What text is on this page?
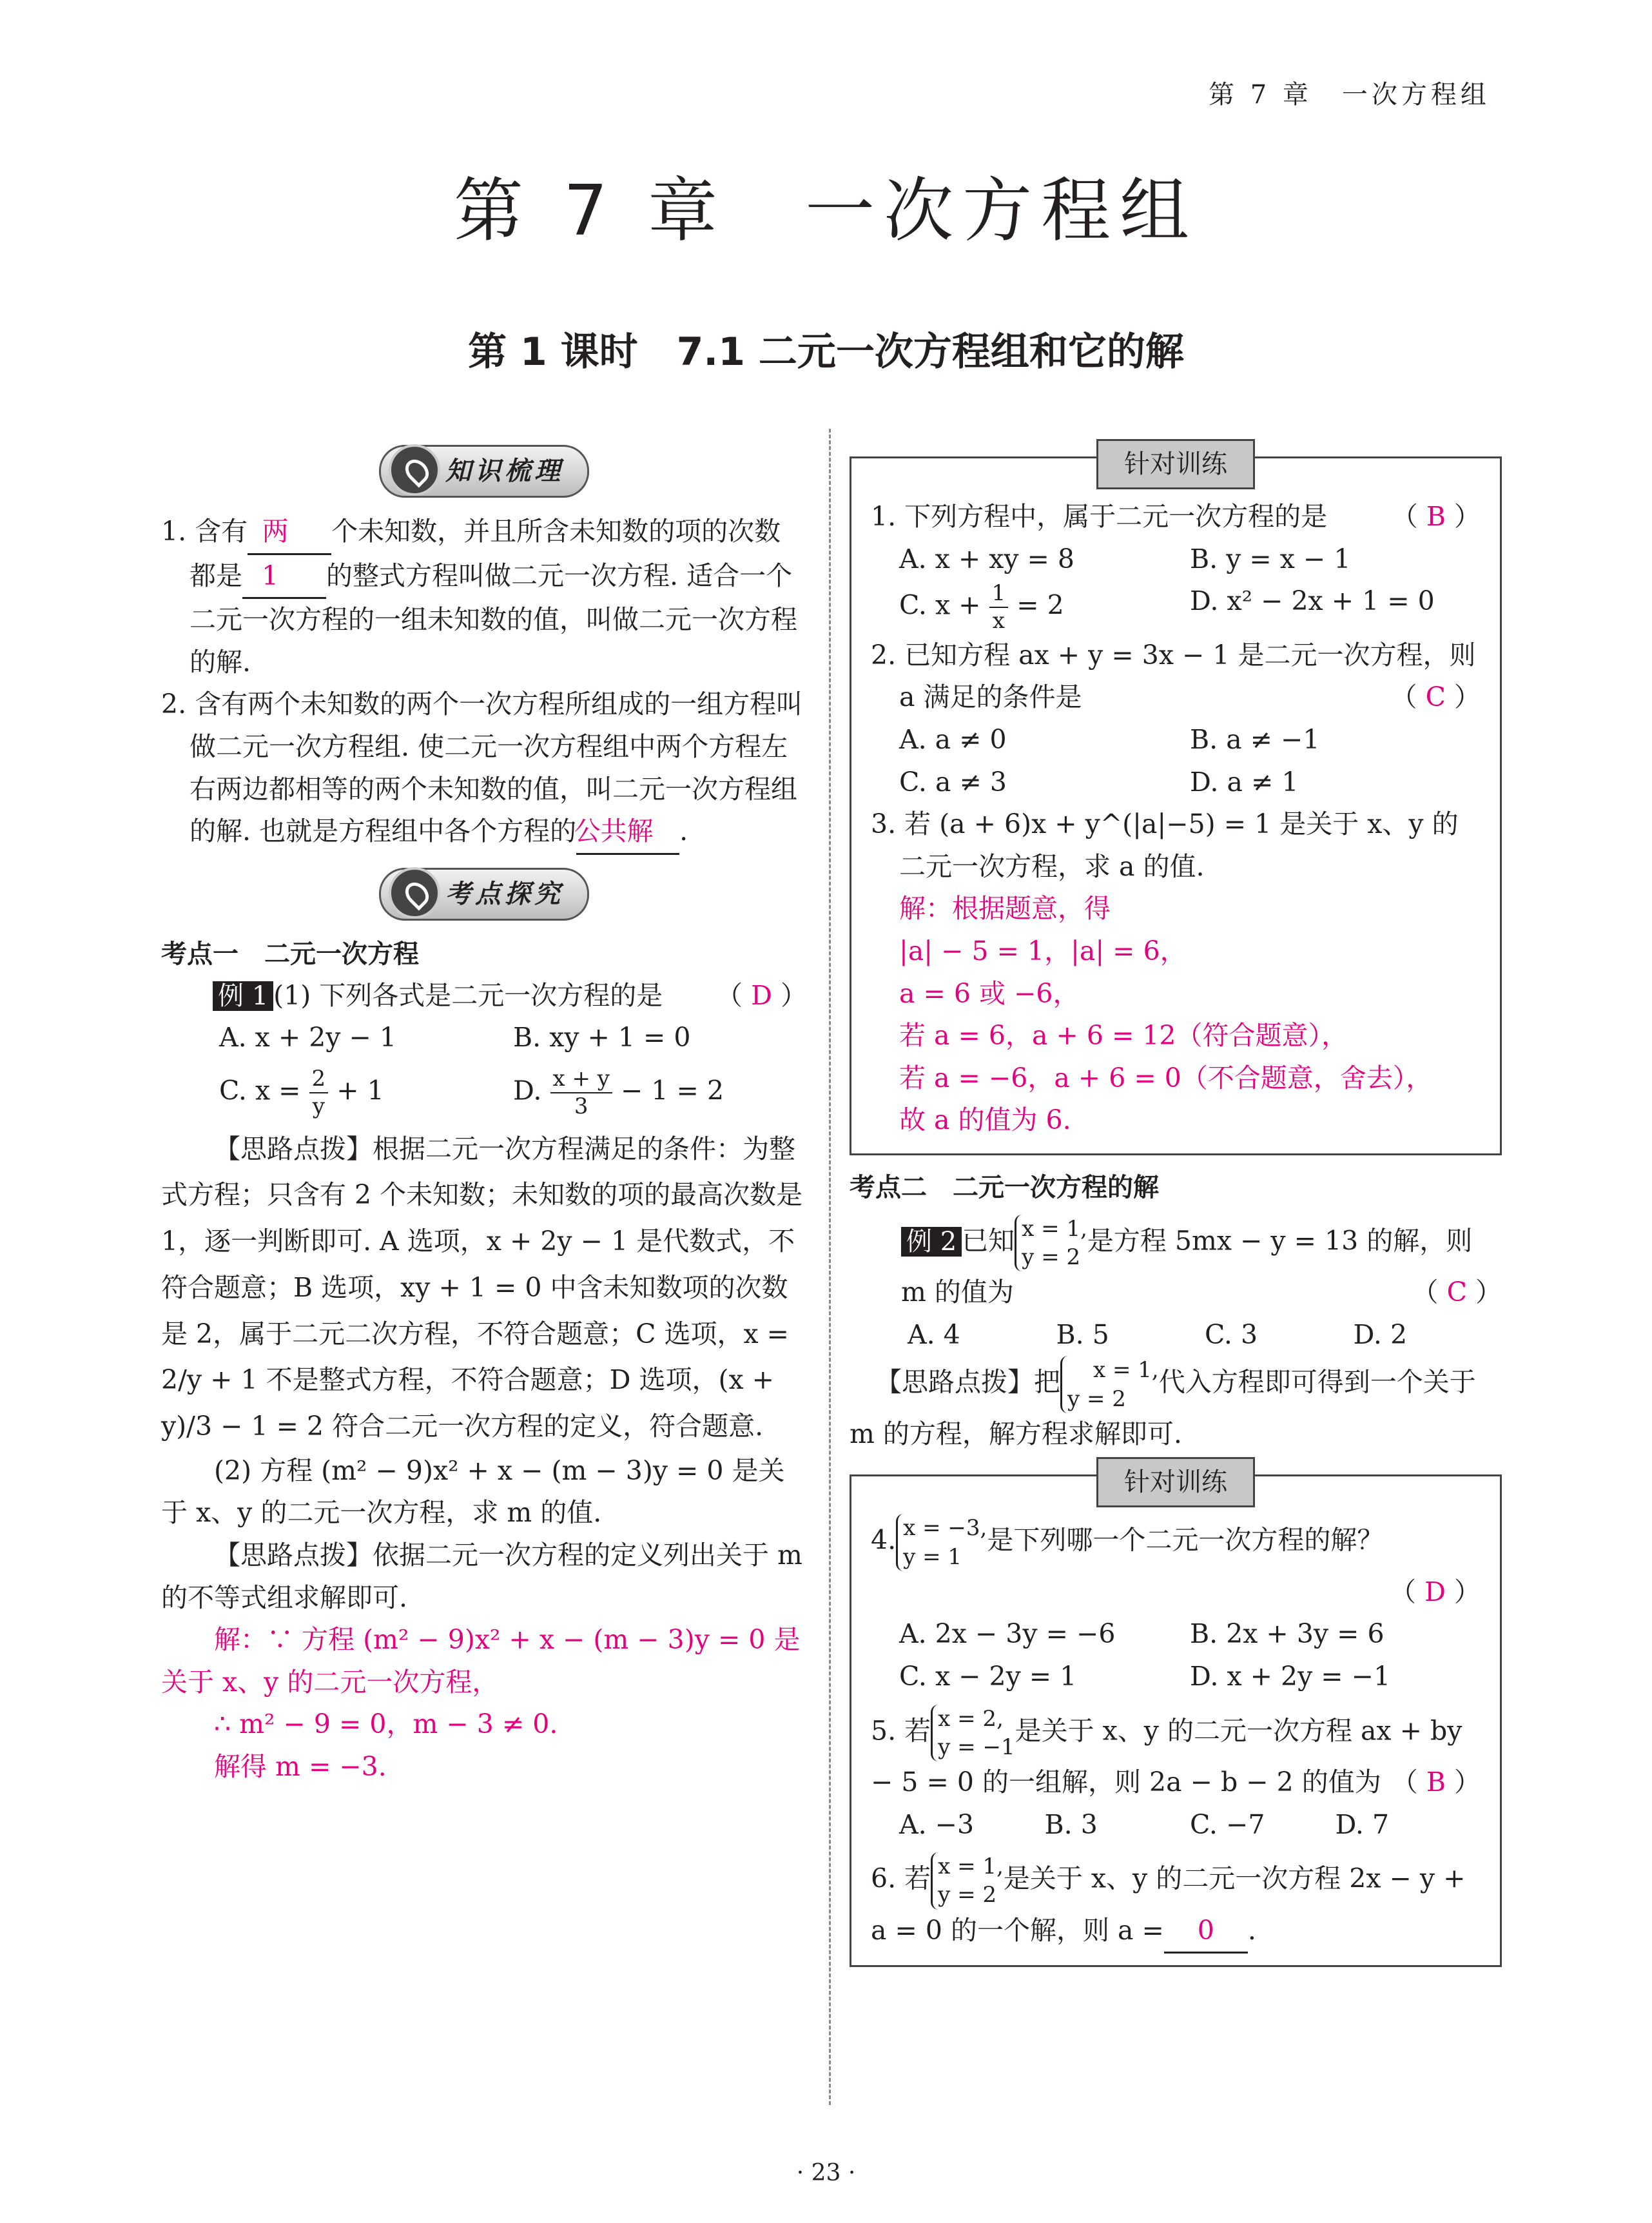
第 7 章　一次方程组
第 7 章　一次方程组
第 1 课时　7.1 二元一次方程组和它的解
知识梳理

1. 含有 两 个未知数，并且所含未知数的项的次数都是 1 的整式方程叫做二元一次方程. 适合一个二元一次方程的一组未知数的值，叫做二元一次方程的解.

2. 含有两个未知数的两个一次方程所组成的一组方程叫做二元一次方程组. 使二元一次方程组中两个方程左右两边都相等的两个未知数的值，叫二元一次方程组的解. 也就是方程组中各个方程的公共解 .

考点探究
考点一　二元一次方程

例 1 (1) 下列各式是二元一次方程的是 （ D ）

A. x + 2y − 1	B. xy + 1 = 0
C. $x = \frac{2}{y} + 1$	D. $\frac{x + y}{3} - 1 = 2$

【思路点拨】根据二元一次方程满足的条件：为整式方程；只含有 2 个未知数；未知数的项的最高次数是 1，逐一判断即可. A 选项，x + 2y − 1 是代数式，不符合题意；B 选项，xy + 1 = 0 中含未知数项的次数是 2，属于二元二次方程，不符合题意；C 选项，x = 2/y + 1 不是整式方程，不符合题意；D 选项，(x + y)/3 − 1 = 2 符合二元一次方程的定义，符合题意.

(2) 方程 (m² − 9)x² + x − (m − 3)y = 0 是关于 x、y 的二元一次方程，求 m 的值.

【思路点拨】依据二元一次方程的定义列出关于 m 的不等式组求解即可.

解：∵ 方程 (m² − 9)x² + x − (m − 3)y = 0 是关于 x、y 的二元一次方程，

∴ m² − 9 = 0，m − 3 ≠ 0.

解得 m = −3.

针对训练

1. 下列方程中，属于二元一次方程的是 （ B ）

A. x + xy = 8	B. y = x − 1
C. $x + \frac{1}{x} = 2$	D. x² − 2x + 1 = 0

2. 已知方程 ax + y = 3x − 1 是二元一次方程，则 a 满足的条件是	（ C ）

A. a ≠ 0	B. a ≠ −1
C. a ≠ 3	D. a ≠ 1

3. 若 (a + 6)x + y^(|a|−5) = 1 是关于 x、y 的二元一次方程，求 a 的值.

解：根据题意，得

|a| − 5 = 1，|a| = 6，

a = 6 或 −6，

若 a = 6，a + 6 = 12（符合题意），

若 a = −6，a + 6 = 0（不合题意，舍去），

故 a 的值为 6.

考点二　二元一次方程的解

例 2 已知 x = 1,
y = 2是方程 5mx − y = 13 的解，则 m 的值为	（ C ）

A. 4	B. 5	C. 3	D. 2

【思路点拨】把 x = 1,
y = 2代入方程即可得到一个关于 m 的方程，解方程求解即可.

针对训练

4. x = −3,
y = 1是下列哪一个二元一次方程的解？

（ D ）

A. 2x − 3y = −6	B. 2x + 3y = 6
C. x − 2y = 1	D. x + 2y = −1

5. 若 x = 2,
y = −1是关于 x、y 的二元一次方程 ax + by − 5 = 0 的一组解，则 2a − b − 2 的值为 （ B ）

A. −3	B. 3	C. −7	D. 7

6. 若 x = 1,
y = 2是关于 x、y 的二元一次方程 2x − y + a = 0 的一个解，则 a = 0 .

· 23 ·
